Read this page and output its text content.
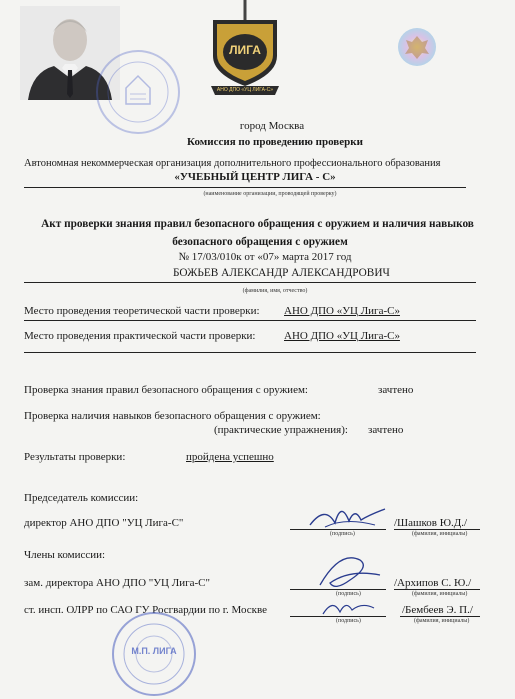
ЛИГА
АНО ДПО «УЦ ЛИГА-С»
город Москва
Комиссия по проведению проверки
Автономная некоммерческая организация дополнительного профессионального образования
«УЧЕБНЫЙ ЦЕНТР ЛИГА - С»
(наименование организации, проводящей проверку)
Акт проверки знания правил безопасного обращения с оружием и наличия навыков
безопасного обращения с оружием
№ 17/03/010к от «07» марта 2017 год
БОЖЬЕВ АЛЕКСАНДР АЛЕКСАНДРОВИЧ
(фамилия, имя, отчество)
Место проведения теоретической части проверки: АНО ДПО «УЦ Лига-С»
Место проведения практической части проверки:	АНО ДПО «УЦ Лига-С»
Проверка знания правил безопасного обращения с оружием:	зачтено
Проверка наличия навыков безопасного обращения с оружием:
(практические упражнения): зачтено
Результаты проверки:	пройдена успешно
Председатель комиссии:
директор АНО ДПО "УЦ Лига-С"	/Шашков Ю.Д./
(подпись)	(фамилия, инициалы)
Члены комиссии:
зам. директора АНО ДПО "УЦ Лига-С"	/Архипов С. Ю./
(подпись)	(фамилия, инициалы)
ст. инсп. ОЛРР по САО ГУ Росгвардии по г. Москве	/Бембеев Э. П./
(подпись)	(фамилия, инициалы)
М.П. ЛИГА
